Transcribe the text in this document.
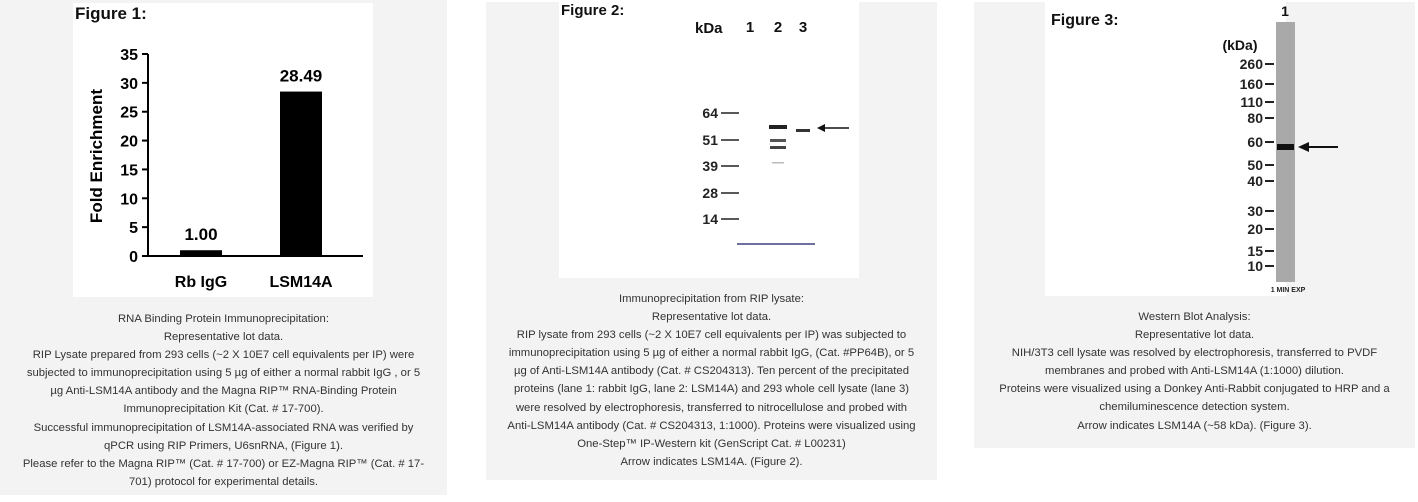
Figure 1:
Fold Enrichment
0
5
10
15
20
25
30
35
Rb IgG	LSM14A
1.00
28.49
RNA Binding Protein Immunoprecipitation:
Representative lot data.
RIP Lysate prepared from 293 cells (~2 X 10E7 cell equivalents per IP) were
subjected to immunoprecipitation using 5 µg of either a normal rabbit IgG , or 5
µg Anti-LSM14A antibody and the Magna RIP™ RNA-Binding Protein
Immunoprecipitation Kit (Cat. # 17-700).
Successful immunoprecipitation of LSM14A-associated RNA was verified by
qPCR using RIP Primers, U6snRNA, (Figure 1).
Please refer to the Magna RIP™ (Cat. # 17-700) or EZ-Magna RIP™ (Cat. # 17-
701) protocol for experimental details.
Figure 2:
kDa 1 2 3
64
51
39
28
14
Immunoprecipitation from RIP lysate:
Representative lot data.
RIP lysate from 293 cells (~2 X 10E7 cell equivalents per IP) was subjected to
immunoprecipitation using 5 µg of either a normal rabbit IgG, (Cat. #PP64B), or 5
µg of Anti-LSM14A antibody (Cat. # CS204313). Ten percent of the precipitated
proteins (lane 1: rabbit IgG, lane 2: LSM14A) and 293 whole cell lysate (lane 3)
were resolved by electrophoresis, transferred to nitrocellulose and probed with
Anti-LSM14A antibody (Cat. # CS204313, 1:1000). Proteins were visualized using
One-Step™ IP-Western kit (GenScript Cat. # L00231)
Arrow indicates LSM14A. (Figure 2).
Figure 3:
1
(kDa)
260
160
110
80
60
50
40
30
20
15
10
1 MIN EXP
Western Blot Analysis:
Representative lot data.
NIH/3T3 cell lysate was resolved by electrophoresis, transferred to PVDF
membranes and probed with Anti-LSM14A (1:1000) dilution.
Proteins were visualized using a Donkey Anti-Rabbit conjugated to HRP and a
chemiluminescence detection system.
Arrow indicates LSM14A (~58 kDa). (Figure 3).
